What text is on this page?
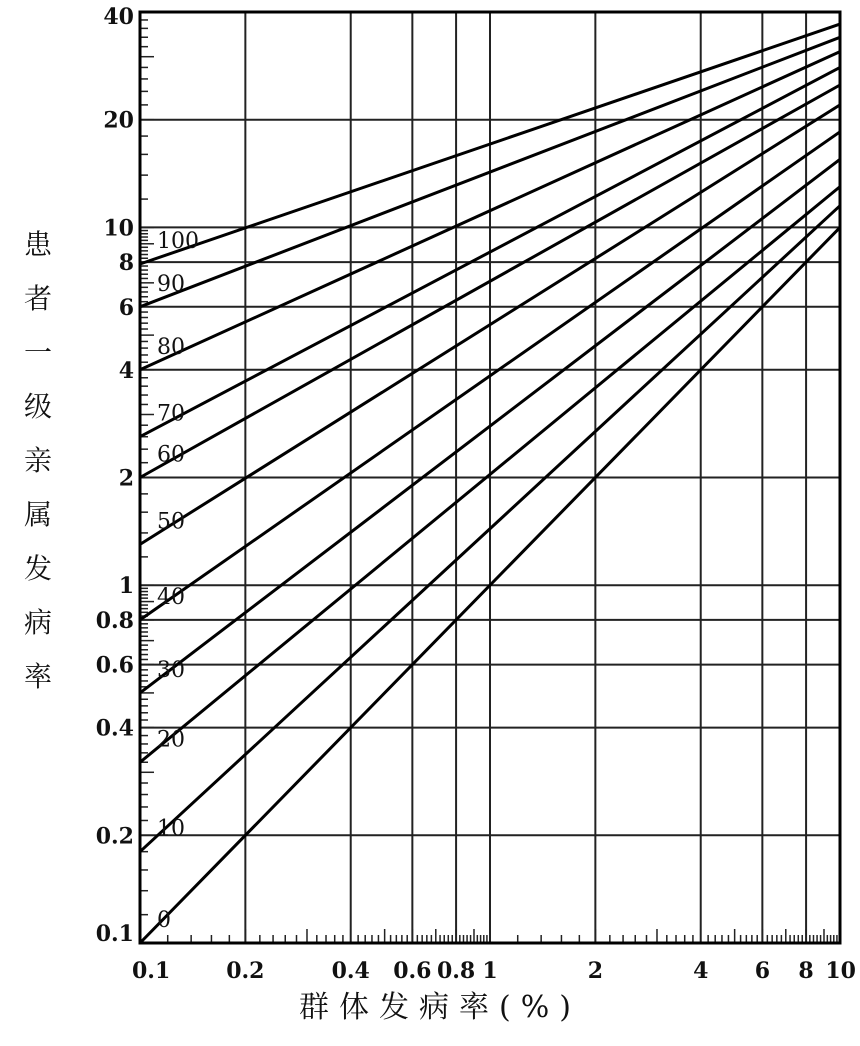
0.1
0.2
0.4
0.6
0.8
1
2
4
6
8
10
20
40
0.1	0.2	0.4 0.6 0.8 1	2	4 6 8 10
100
90
80
70
60
50
40
30
20
10
0
患
者
一
级
亲
属
发
病
率
群体发病率(%)
